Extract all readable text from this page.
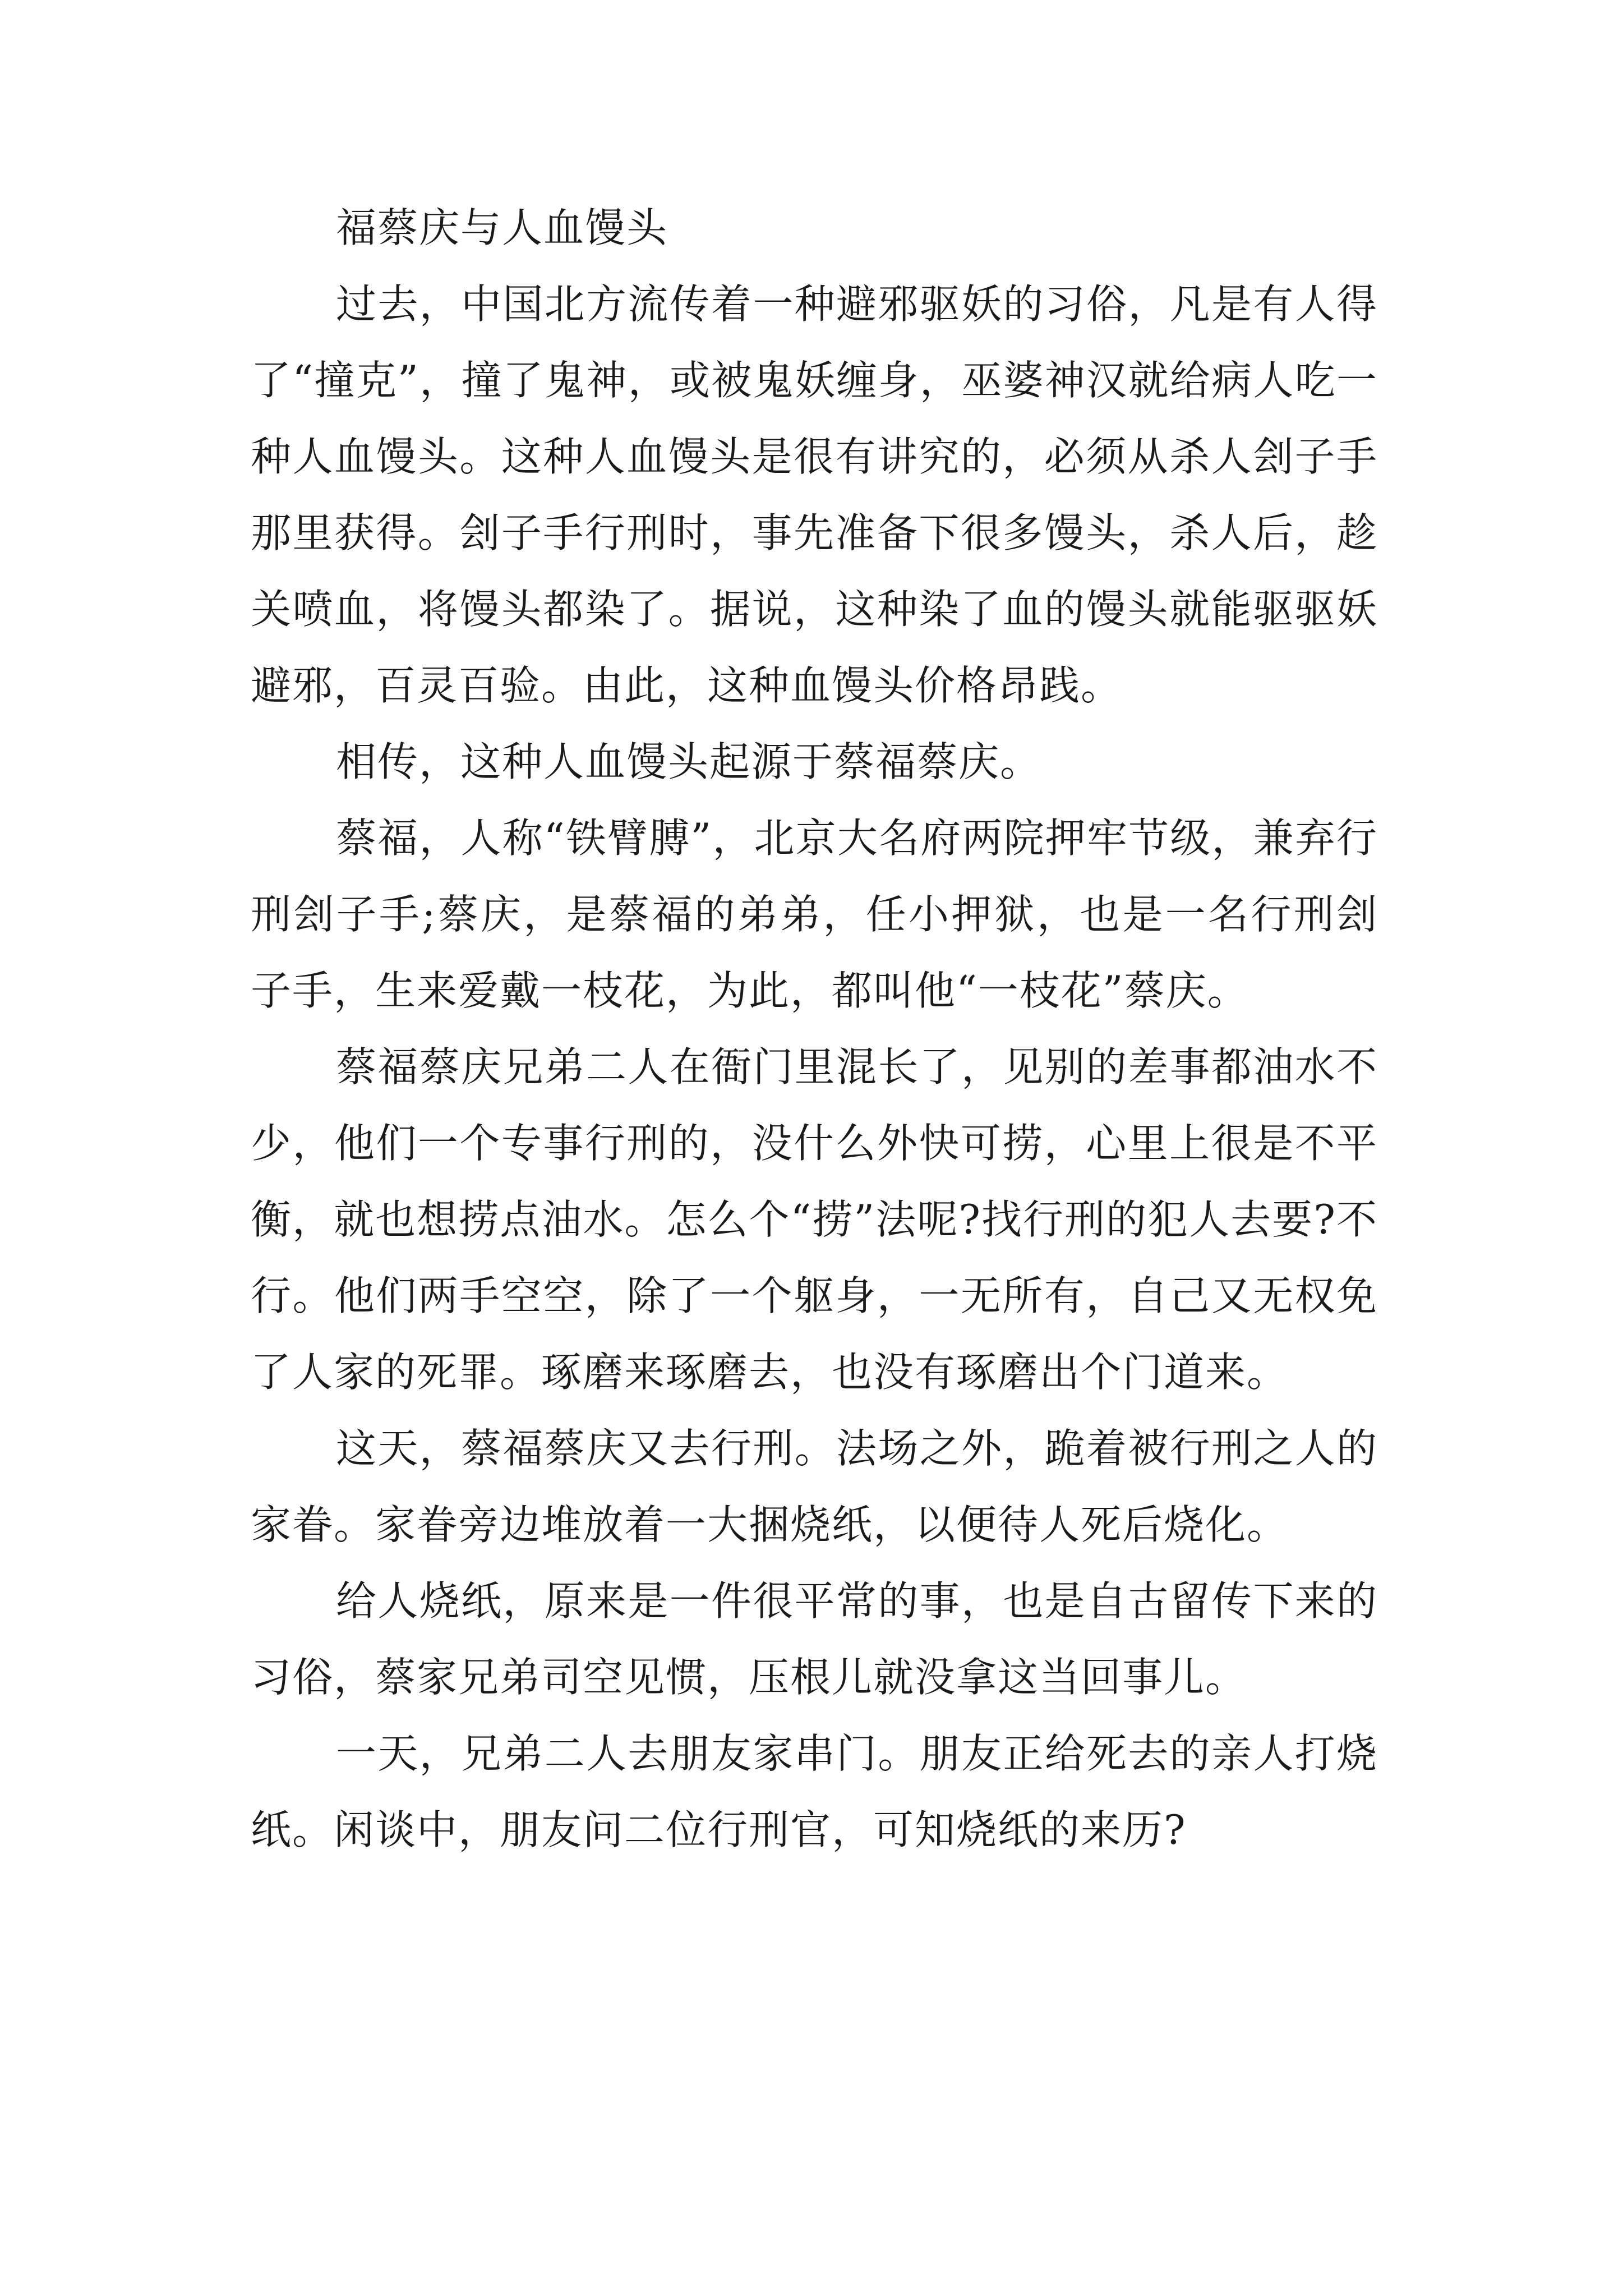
福蔡庆与人血馒头

过去，中国北方流传着一种避邪驱妖的习俗，凡是有人得了“撞克”，撞了鬼神，或被鬼妖缠身，巫婆神汉就给病人吃一种人血馒头。这种人血馒头是很有讲究的，必须从杀人刽子手那里获得。刽子手行刑时，事先准备下很多馒头，杀人后，趁关喷血，将馒头都染了。据说，这种染了血的馒头就能驱驱妖避邪，百灵百验。由此，这种血馒头价格昂践。

相传，这种人血馒头起源于蔡福蔡庆。

蔡福，人称“铁臂膊”，北京大名府两院押牢节级，兼弃行刑刽子手;蔡庆，是蔡福的弟弟，任小押狱，也是一名行刑刽子手，生来爱戴一枝花，为此，都叫他“一枝花”蔡庆。

蔡福蔡庆兄弟二人在衙门里混长了，见别的差事都油水不少，他们一个专事行刑的，没什么外快可捞，心里上很是不平衡，就也想捞点油水。怎么个“捞”法呢?找行刑的犯人去要?不行。他们两手空空，除了一个躯身，一无所有，自己又无权免了人家的死罪。琢磨来琢磨去，也没有琢磨出个门道来。

这天，蔡福蔡庆又去行刑。法场之外，跪着被行刑之人的家眷。家眷旁边堆放着一大捆烧纸，以便待人死后烧化。

给人烧纸，原来是一件很平常的事，也是自古留传下来的习俗，蔡家兄弟司空见惯，压根儿就没拿这当回事儿。

一天，兄弟二人去朋友家串门。朋友正给死去的亲人打烧纸。闲谈中，朋友问二位行刑官，可知烧纸的来历?
